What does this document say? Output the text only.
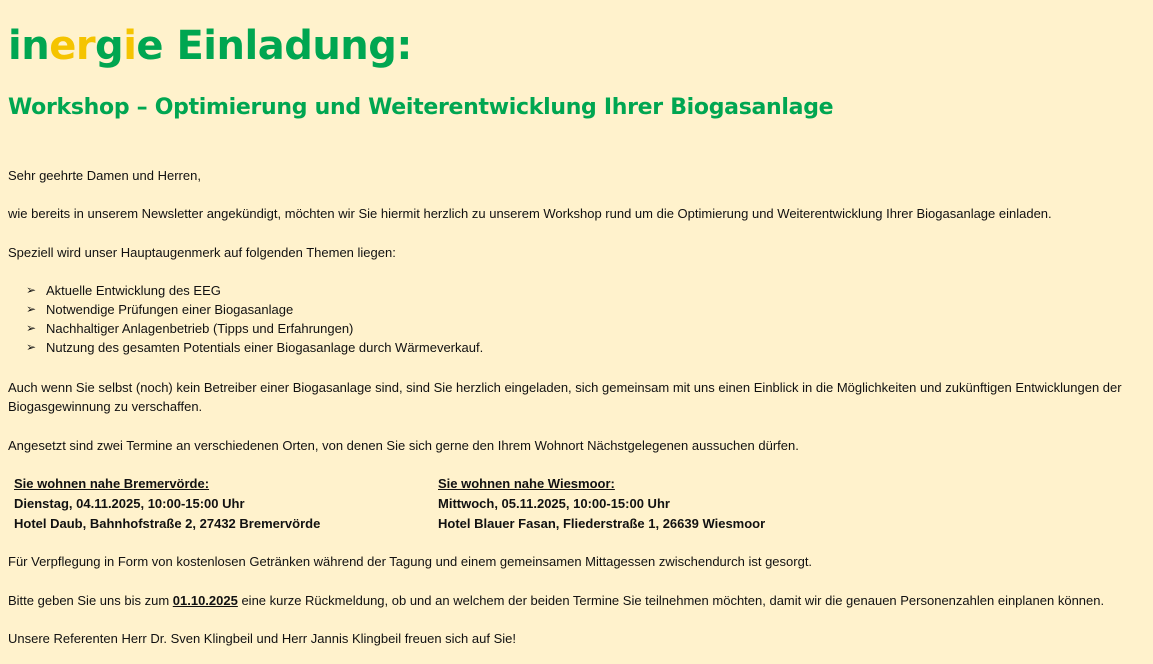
inergie Einladung:
Workshop – Optimierung und Weiterentwicklung Ihrer Biogasanlage

Sehr geehrte Damen und Herren,

wie bereits in unserem Newsletter angekündigt, möchten wir Sie hiermit herzlich zu unserem Workshop rund um die Optimierung und Weiterentwicklung Ihrer Biogasanlage einladen.

Speziell wird unser Hauptaugenmerk auf folgenden Themen liegen:

➢ Aktuelle Entwicklung des EEG
➢ Notwendige Prüfungen einer Biogasanlage
➢ Nachhaltiger Anlagenbetrieb (Tipps und Erfahrungen)
➢ Nutzung des gesamten Potentials einer Biogasanlage durch Wärmeverkauf.

Auch wenn Sie selbst (noch) kein Betreiber einer Biogasanlage sind, sind Sie herzlich eingeladen, sich gemeinsam mit uns einen Einblick in die Möglichkeiten und zukünftigen Entwicklungen der Biogasgewinnung zu verschaffen.

Angesetzt sind zwei Termine an verschiedenen Orten, von denen Sie sich gerne den Ihrem Wohnort Nächstgelegenen aussuchen dürfen.

Sie wohnen nahe Bremervörde:
Dienstag, 04.11.2025, 10:00-15:00 Uhr
Hotel Daub, Bahnhofstraße 2, 27432 Bremervörde
Sie wohnen nahe Wiesmoor:
Mittwoch, 05.11.2025, 10:00-15:00 Uhr
Hotel Blauer Fasan, Fliederstraße 1, 26639 Wiesmoor

Für Verpflegung in Form von kostenlosen Getränken während der Tagung und einem gemeinsamen Mittagessen zwischendurch ist gesorgt.

Bitte geben Sie uns bis zum 01.10.2025 eine kurze Rückmeldung, ob und an welchem der beiden Termine Sie teilnehmen möchten, damit wir die genauen Personenzahlen einplanen können.

Unsere Referenten Herr Dr. Sven Klingbeil und Herr Jannis Klingbeil freuen sich auf Sie!
